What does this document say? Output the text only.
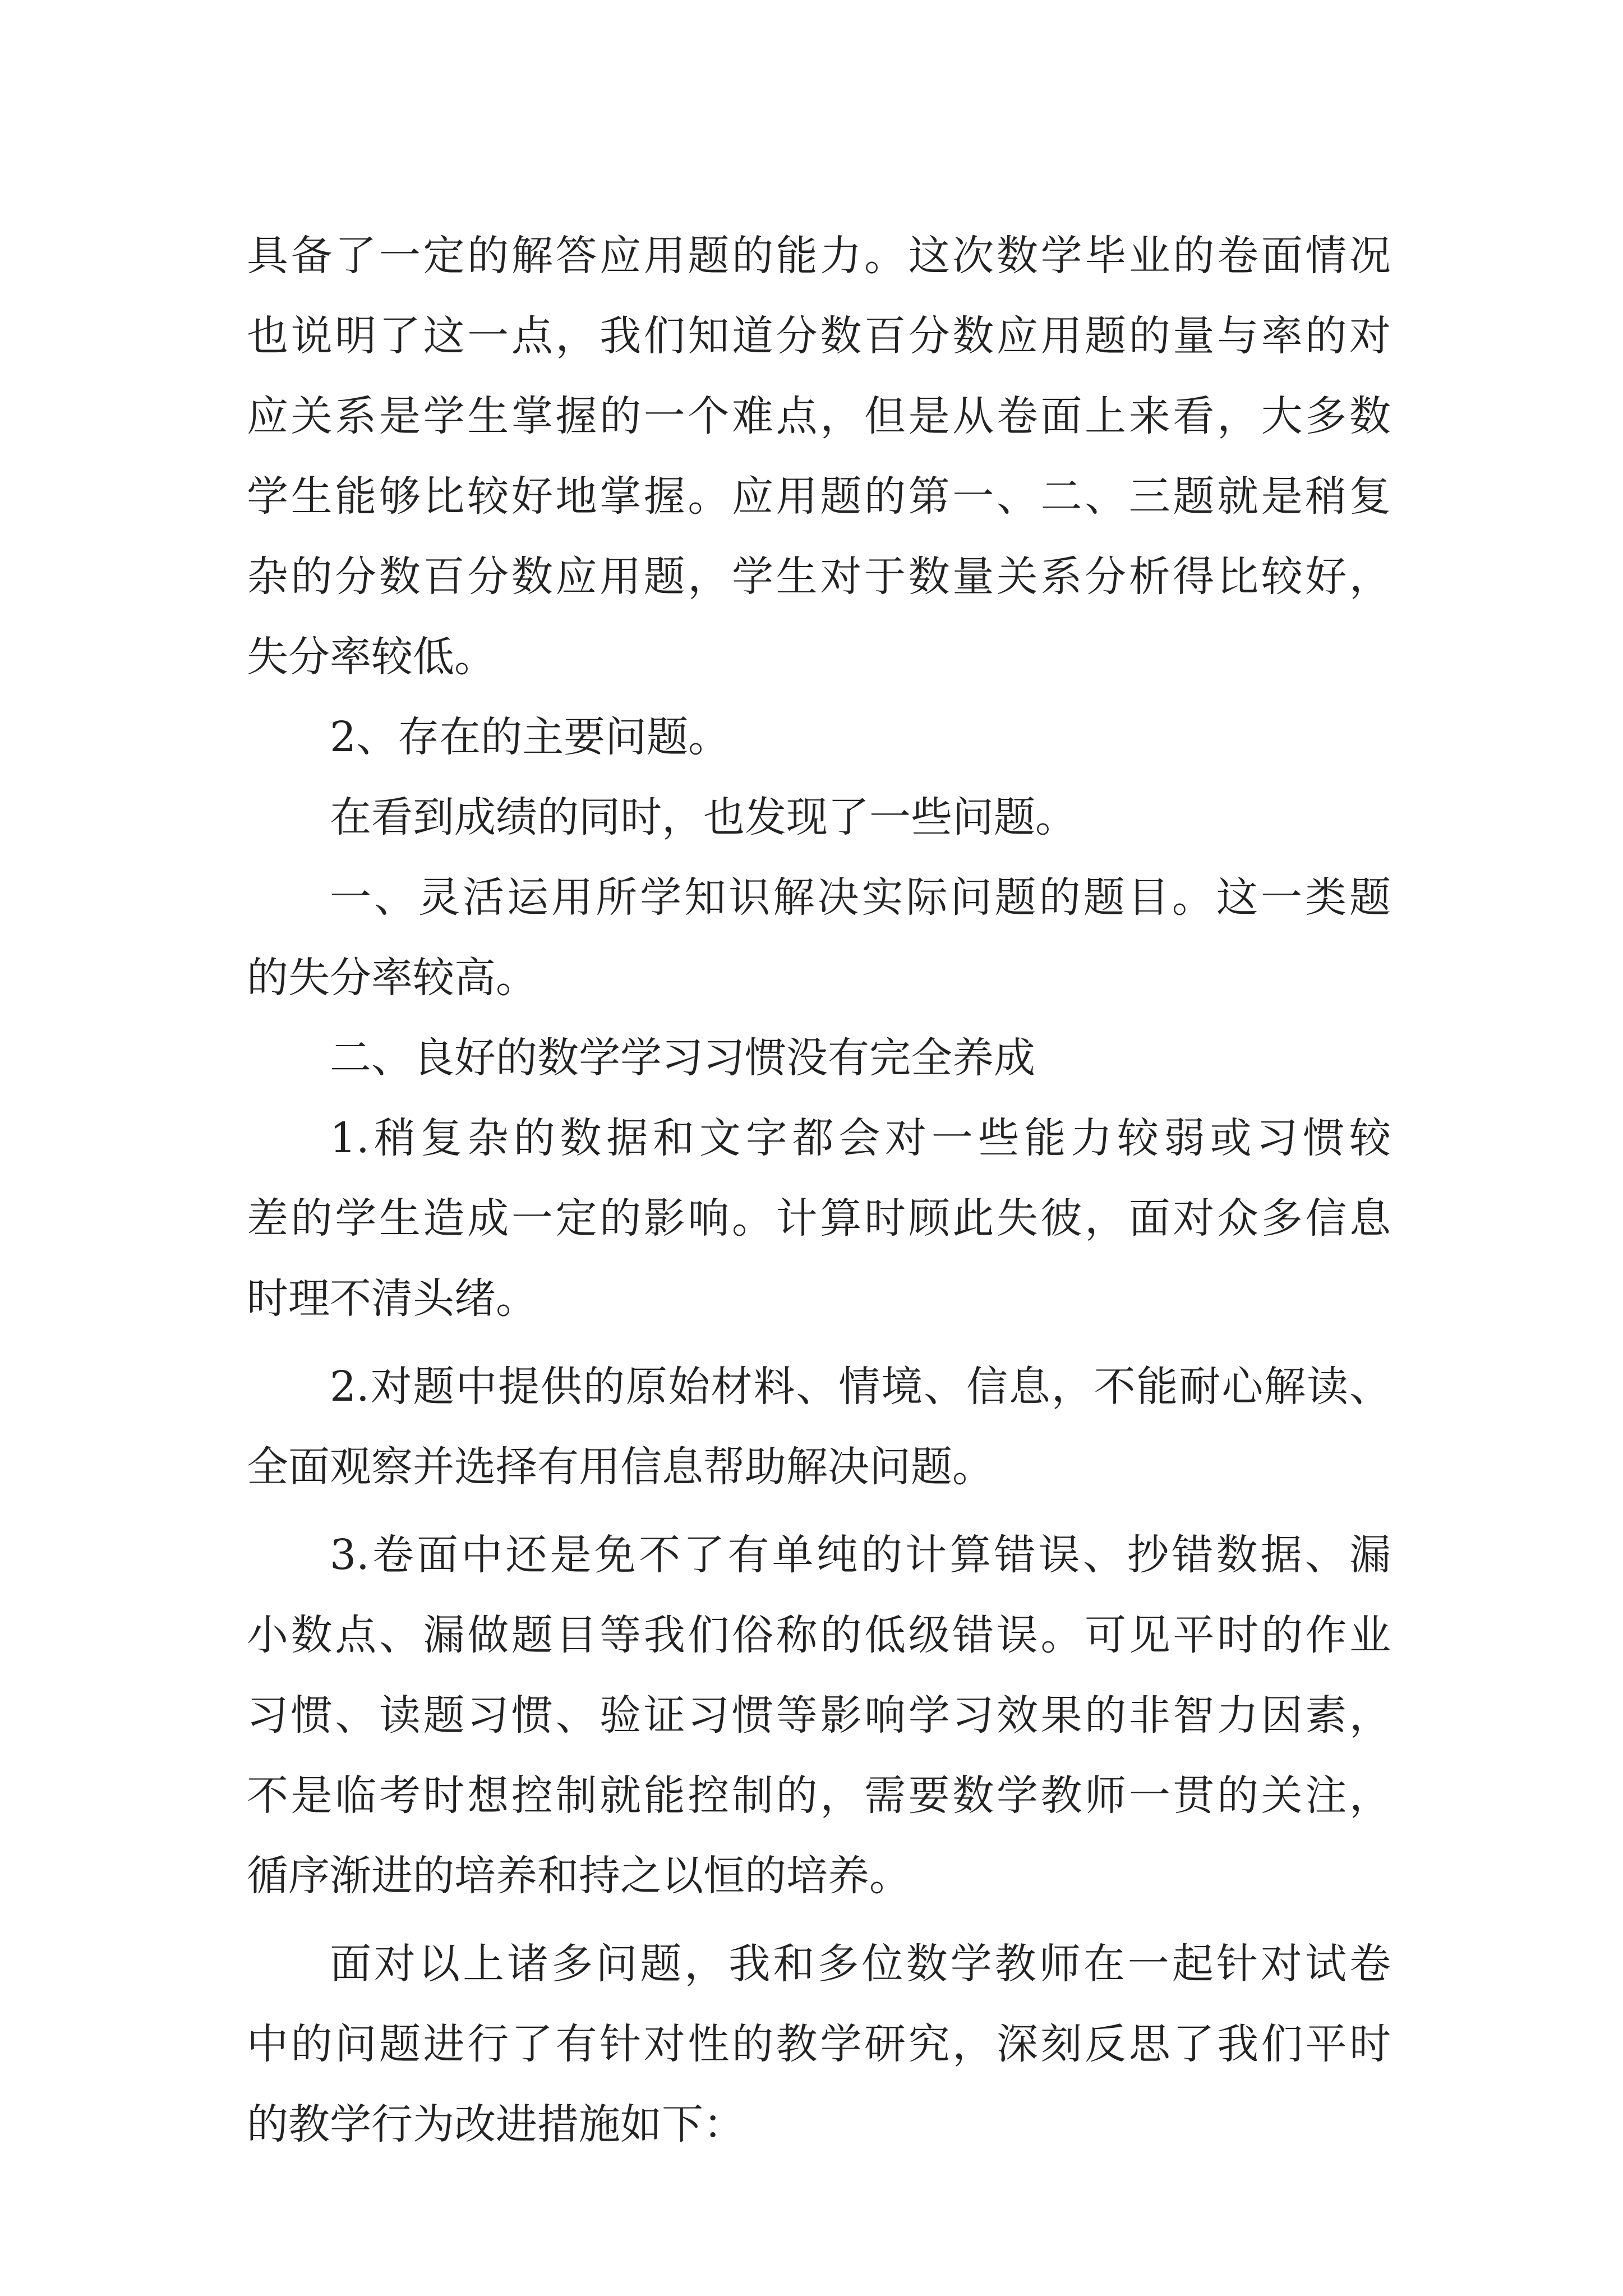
具备了一定的解答应用题的能力。这次数学毕业的卷面情况
也说明了这一点，我们知道分数百分数应用题的量与率的对
应关系是学生掌握的一个难点，但是从卷面上来看，大多数
学生能够比较好地掌握。应用题的第一、二、三题就是稍复
杂的分数百分数应用题，学生对于数量关系分析得比较好，
失分率较低。
2、存在的主要问题。
在看到成绩的同时，也发现了一些问题。
一、灵活运用所学知识解决实际问题的题目。这一类题
的失分率较高。
二、良好的数学学习习惯没有完全养成
1.稍复杂的数据和文字都会对一些能力较弱或习惯较
差的学生造成一定的影响。计算时顾此失彼，面对众多信息
时理不清头绪。
2.对题中提供的原始材料、情境、信息，不能耐心解读、
全面观察并选择有用信息帮助解决问题。
3.卷面中还是免不了有单纯的计算错误、抄错数据、漏
小数点、漏做题目等我们俗称的低级错误。可见平时的作业
习惯、读题习惯、验证习惯等影响学习效果的非智力因素，
不是临考时想控制就能控制的，需要数学教师一贯的关注，
循序渐进的培养和持之以恒的培养。
面对以上诸多问题，我和多位数学教师在一起针对试卷
中的问题进行了有针对性的教学研究，深刻反思了我们平时
的教学行为改进措施如下：
